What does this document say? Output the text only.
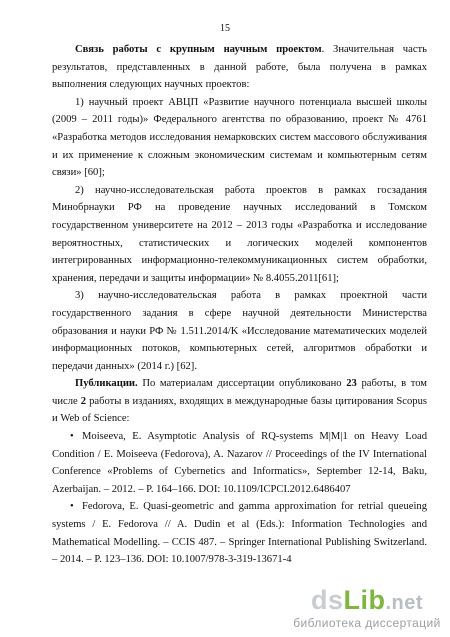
15

Связь работы с крупным научным проектом. Значительная часть результатов, представленных в данной работе, была получена в рамках выполнения следующих научных проектов:

1) научный проект АВЦП «Развитие научного потенциала высшей школы (2009 – 2011 годы)» Федерального агентства по образованию, проект № 4761 «Разработка методов исследования немарковских систем массового обслуживания и их применение к сложным экономическим системам и компьютерным сетям связи» [60];

2) научно-исследовательская работа проектов в рамках госзадания Минобрнауки РФ на проведение научных исследований в Томском государственном университете на 2012 – 2013 годы «Разработка и исследование вероятностных, статистических и логических моделей компонентов интегрированных информационно-телекоммуникационных систем обработки, хранения, передачи и защиты информации» № 8.4055.2011[61];

3) научно-исследовательская работа в рамках проектной части государственного задания в сфере научной деятельности Министерства образования и науки РФ № 1.511.2014/K «Исследование математических моделей информационных потоков, компьютерных сетей, алгоритмов обработки и передачи данных» (2014 г.) [62].

Публикации. По материалам диссертации опубликовано 23 работы, в том числе 2 работы в изданиях, входящих в международные базы цитирования Scopus и Web of Science:

• Moiseeva, E. Asymptotic Analysis of RQ-systems M|M|1 on Heavy Load Condition / E. Moiseeva (Fedorova), A. Nazarov // Proceedings of the IV International Conference «Problems of Cybernetics and Informatics», September 12-14, Baku, Azerbaijan. – 2012. – P. 164–166. DOI: 10.1109/ICPCI.2012.6486407

• Fedorova, E. Quasi-geometric and gamma approximation for retrial queueing systems / E. Fedorova // A. Dudin et al (Eds.): Information Technologies and Mathematical Modelling. – CCIS 487. – Springer International Publishing Switzerland. – 2014. – P. 123–136. DOI: 10.1007/978-3-319-13671-4

dsLib.net
библиотека диссертаций
